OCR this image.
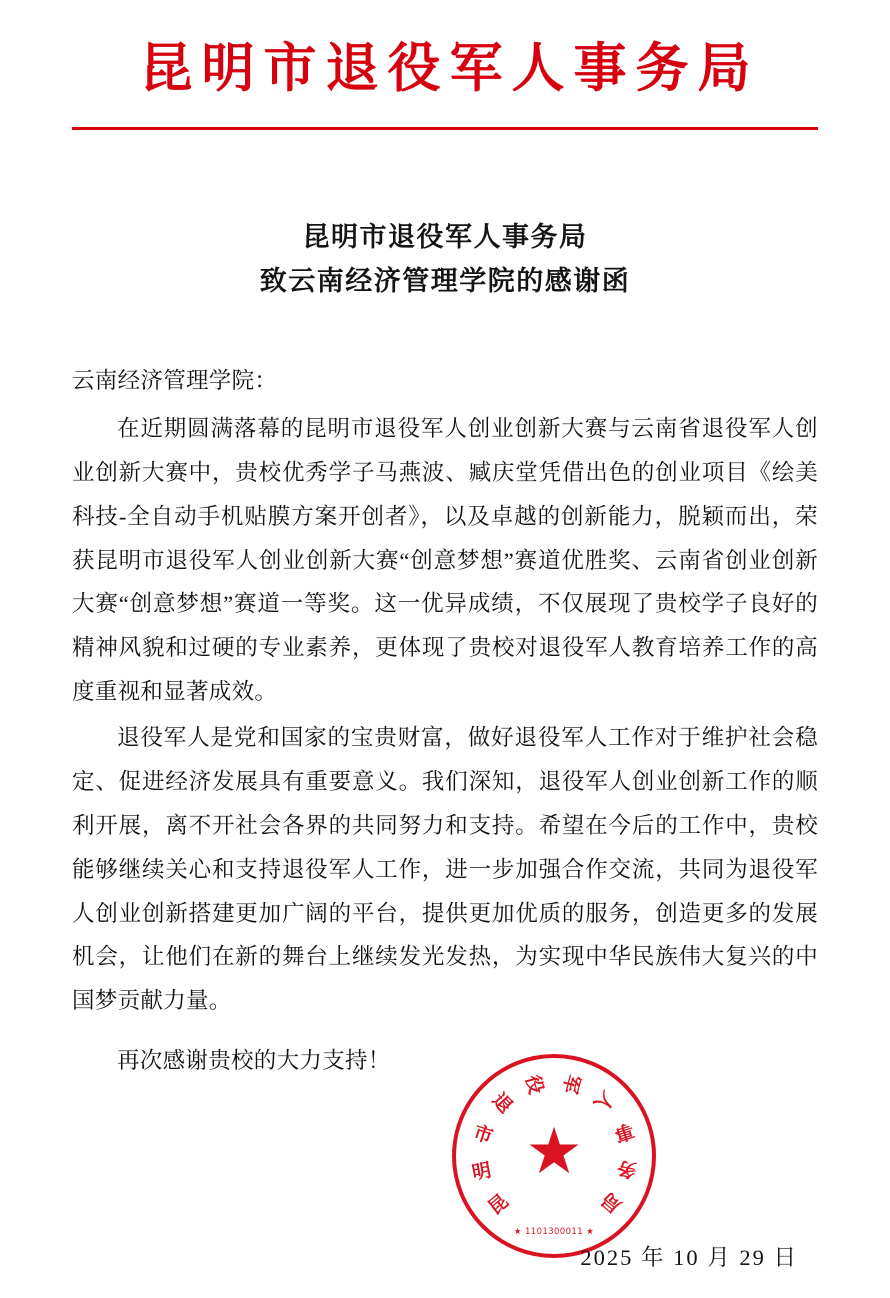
昆明市退役军人事务局
昆明市退役军人事务局
致云南经济管理学院的感谢函

云南经济管理学院：

在近期圆满落幕的昆明市退役军人创业创新大赛与云南省退役军人创业创新大赛中，贵校优秀学子马燕波、臧庆堂凭借出色的创业项目《绘美科技-全自动手机贴膜方案开创者》，以及卓越的创新能力，脱颖而出，荣获昆明市退役军人创业创新大赛“创意梦想”赛道优胜奖、云南省创业创新大赛“创意梦想”赛道一等奖。这一优异成绩，不仅展现了贵校学子良好的精神风貌和过硬的专业素养，更体现了贵校对退役军人教育培养工作的高度重视和显著成效。

退役军人是党和国家的宝贵财富，做好退役军人工作对于维护社会稳定、促进经济发展具有重要意义。我们深知，退役军人创业创新工作的顺利开展，离不开社会各界的共同努力和支持。希望在今后的工作中，贵校能够继续关心和支持退役军人工作，进一步加强合作交流，共同为退役军人创业创新搭建更加广阔的平台，提供更加优质的服务，创造更多的发展机会，让他们在新的舞台上继续发光发热，为实现中华民族伟大复兴的中国梦贡献力量。

再次感谢贵校的大力支持！

昆
明
市
退
役 军
人
事
务
局
★
★ 1101300011 ★
2025 年 10 月 29 日
